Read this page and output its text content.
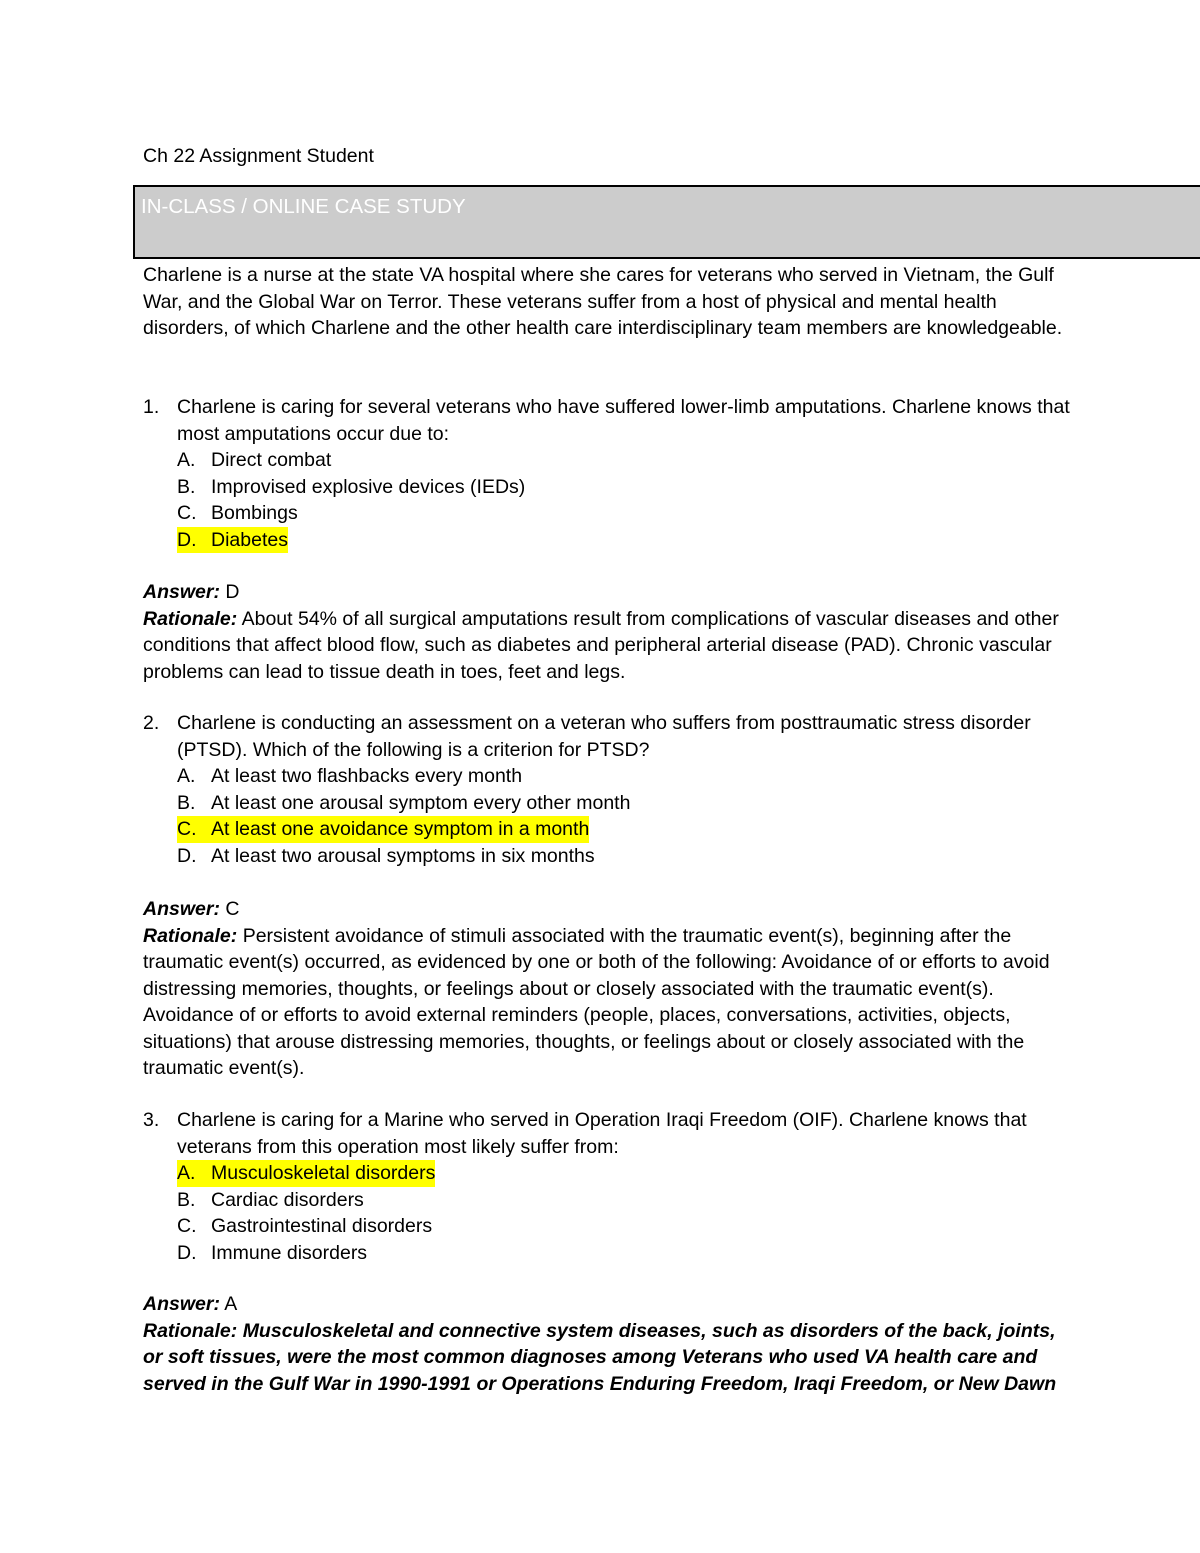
Ch 22 Assignment Student
IN-CLASS / ONLINE CASE STUDY

Charlene is a nurse at the state VA hospital where she cares for veterans who served in Vietnam, the Gulf War, and the Global War on Terror. These veterans suffer from a host of physical and mental health disorders, of which Charlene and the other health care interdisciplinary team members are knowledgeable.

1. Charlene is caring for several veterans who have suffered lower-limb amputations. Charlene knows that most amputations occur due to:
A. Direct combat
B. Improvised explosive devices (IEDs)
C. Bombings
D. Diabetes

Answer: D
Rationale: About 54% of all surgical amputations result from complications of vascular diseases and other conditions that affect blood flow, such as diabetes and peripheral arterial disease (PAD). Chronic vascular problems can lead to tissue death in toes, feet and legs.
2. Charlene is conducting an assessment on a veteran who suffers from posttraumatic stress disorder (PTSD). Which of the following is a criterion for PTSD?
A. At least two flashbacks every month
B. At least one arousal symptom every other month
C. At least one avoidance symptom in a month

D. At least two arousal symptoms in six months
Answer: C
Rationale: Persistent avoidance of stimuli associated with the traumatic event(s), beginning after the traumatic event(s) occurred, as evidenced by one or both of the following: Avoidance of or efforts to avoid distressing memories, thoughts, or feelings about or closely associated with the traumatic event(s). Avoidance of or efforts to avoid external reminders (people, places, conversations, activities, objects, situations) that arouse distressing memories, thoughts, or feelings about or closely associated with the traumatic event(s).
3. Charlene is caring for a Marine who served in Operation Iraqi Freedom (OIF). Charlene knows that veterans from this operation most likely suffer from:
A. Musculoskeletal disorders

B. Cardiac disorders
C. Gastrointestinal disorders
D. Immune disorders
Answer: A
Rationale: Musculoskeletal and connective system diseases, such as disorders of the back, joints, or soft tissues, were the most common diagnoses among Veterans who used VA health care and served in the Gulf War in 1990-1991 or Operations Enduring Freedom, Iraqi Freedom, or New Dawn
